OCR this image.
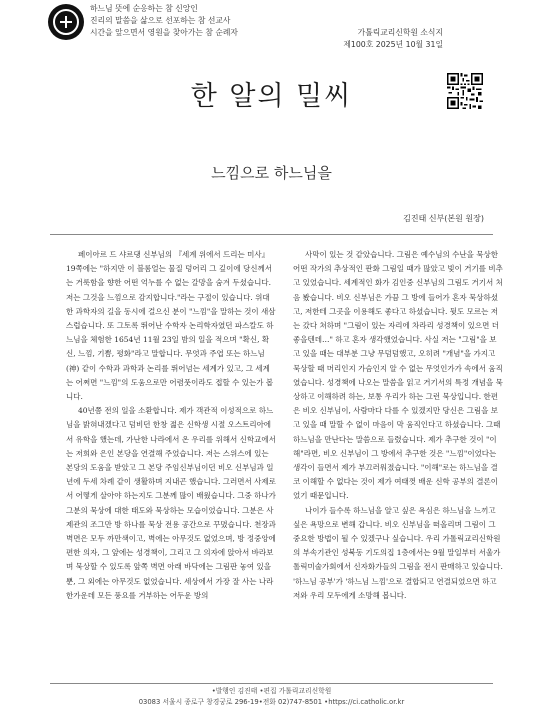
하느님 뜻에 순응하는 참 신앙인
진리의 말씀을 삶으로 선포하는 참 선교사
시간을 앞으면서 영원을 찾아가는 참 순례자	가톨릭교리신학원 소식지
제100호 2025년 10월 31일
한 알의 밀씨
느낌으로 하느님을
김진태 신부(본원 원장)

페이아르 드 샤르댕 신부님의 『세계 위에서 드리는 미사』 19쪽에는 "하지만 이 블롬얼는 물질 덩어리 그 깊이에 당신께서는 거룩함을 향한 어떤 억누를 수 없는 갈망을 숨겨 두셨습니다. 저는 그것을 느낌으로 감지합니다."라는 구절이 있습니다. 위대한 과학자의 길을 동시에 걸으신 분이 "느낌"을 말하는 것이 새삼스럽습니다. 또 그토록 뛰어난 수학자 논리학자였던 파스칼도 하느님을 체험한 1654년 11월 23일 밤의 일을 적으며 "확신, 확신, 느낌, 기쁨, 평화"라고 말합니다. 무엇과 주엽 또는 하느님(神) 같이 수학과 과학과 논리를 뛰어넘는 세계가 있고, 그 세계는 어쩌면 "느낌"의 도움으로만 어렴풋이라도 접할 수 있는가 봅니다.

40년쯤 전의 일을 소환합니다. 제가 객관적 이성적으로 하느님을 밝혀내겠다고 덤비던 한창 젊은 신학생 시절 오스트리아에서 유학을 했는데, 가난한 나라에서 온 우리를 위해서 신학교에서는 저희와 은인 본당을 연결해 주었습니다. 저는 스위스에 있는 본당의 도움을 받았고 그 본당 주임신부님이던 비오 신부님과 일 년에 두세 차례 같이 생활하며 지내곤 했습니다. 그러면서 사제로서 어떻게 살아야 하는지도 그분께 많이 배웠습니다. 그중 하나가 그분의 묵상에 대한 태도와 묵상하는 모습이었습니다. 그분은 사제관의 조그만 방 하나를 묵상 전용 공간으로 꾸몄습니다. 천장과 벽면은 모두 까만색이고, 벽에는 아무것도 없었으며, 방 정중앙에 편한 의자, 그 앞에는 성경책이, 그리고 그 의자에 앉아서 바라보며 묵상할 수 있도록 앞쪽 벽면 아래 바닥에는 그림판 놓여 있을 뿐, 그 외에는 아무것도 없었습니다. 세상에서 가장 잘 사는 나라 한가운데 모든 풍요를 거부하는 어두운 방의

사막이 있는 것 같았습니다. 그림은 예수님의 수난을 묵상한 어떤 작가의 추상적인 판화 그림일 때가 많았고 빛이 거기를 비추고 있었습니다. 세계적인 화가 김인중 신부님의 그림도 거기서 처음 봤습니다. 비오 신부님은 가끔 그 방에 들어가 혼자 묵상하셨고, 저한테 그곳을 이용해도 좋다고 하셨습니다. 뒷도 모르는 저는 갔다 쳐하며 "그림이 있는 자리에 차라리 성경책이 있으면 더 좋을텐데…" 하고 혼자 생각했었습니다. 사실 저는 "그림"을 보고 있을 때는 대부분 그냥 무덤덤했고, 오히려 "개념"을 가지고 묵상할 때 머리인지 가슴인지 알 수 없는 무엇인가가 속에서 움직였습니다. 성경책에 나오는 말씀을 읽고 거기서의 특정 개념을 묵상하고 이해하려 하는, 보통 우리가 하는 그런 묵상입니다. 한편은 비오 신부님이, 사람마다 다를 수 있겠지만 당신은 그림을 보고 있을 때 말할 수 없이 마음이 막 움직인다고 하셨습니다. 그때 하느님을 만난다는 말씀으로 들렸습니다. 제가 추구한 것이 "이해"라면, 비오 신부님이 그 방에서 추구한 것은 "느낌"이었다는 생각이 들면서 제가 부끄러워졌습니다. "이해"로는 하느님을 결코 이해할 수 없다는 것이 제가 여태껏 배운 신학 공부의 결론이었기 때문입니다.

나이가 들수록 하느님을 알고 싶은 욕심은 하느님을 느끼고 싶은 욕망으로 변해 갑니다. 비오 신부님을 떠올리며 그림이 그 중요한 방법이 될 수 있겠구나 싶습니다. 우리 가톨릭교리신학원의 부속기관인 성북동 기도의집 1층에서는 9월 말일부터 서울가톨릭미술가회에서 신자화가들의 그림을 전시 판매하고 있습니다. '하느님 공부'가 '하느님 느낌'으로 결합되고 연결되었으면 하고 저와 우리 모두에게 소망해 봅니다.

•발행인 김진태 •편집 가톨릭교리신학원
03083 서울시 종로구 창경궁로 296-19•전화 02)747-8501 •https://ci.catholic.or.kr
